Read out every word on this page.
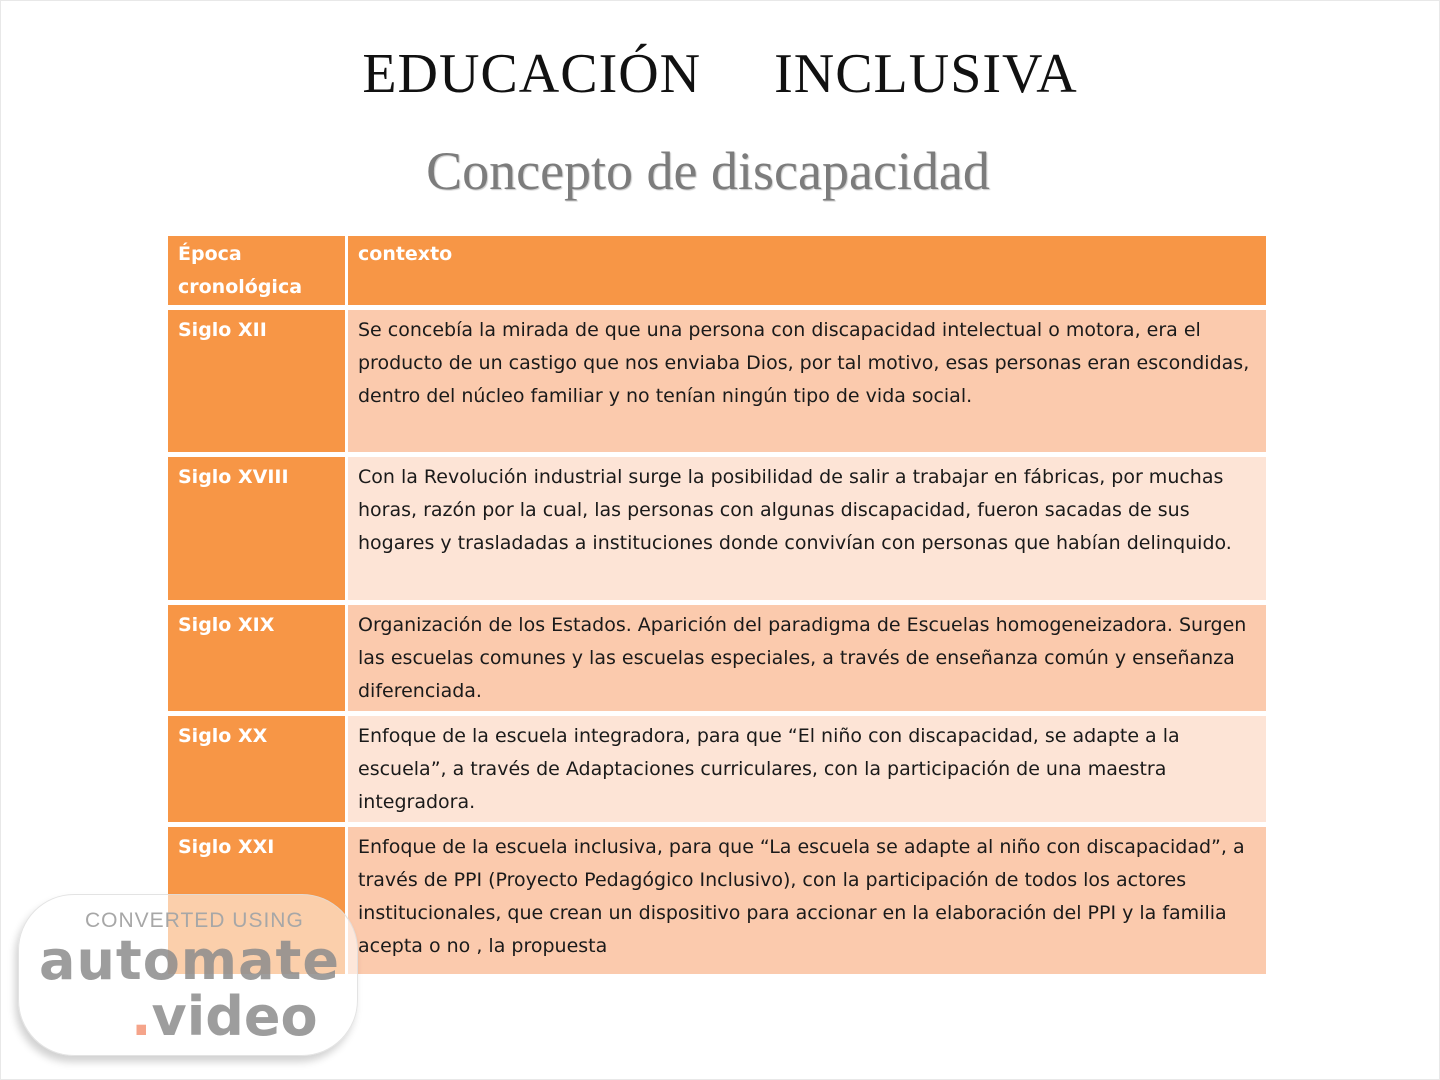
EDUCACIÓN INCLUSIVA
Concepto de discapacidad
Época cronológica	contexto
Siglo XII	Se concebía la mirada de que una persona con discapacidad intelectual o motora, era el producto de un castigo que nos enviaba Dios, por tal motivo, esas personas eran escondidas, dentro del núcleo familiar y no tenían ningún tipo de vida social.
Siglo XVIII	Con la Revolución industrial surge la posibilidad de salir a trabajar en fábricas, por muchas horas, razón por la cual, las personas con algunas discapacidad, fueron sacadas de sus hogares y trasladadas a instituciones donde convivían con personas que habían delinquido.
Siglo XIX	Organización de los Estados. Aparición del paradigma de Escuelas homogeneizadora. Surgen las escuelas comunes y las escuelas especiales, a través de enseñanza común y enseñanza diferenciada.
Siglo XX	Enfoque de la escuela integradora, para que “El niño con discapacidad, se adapte a la escuela”, a través de Adaptaciones curriculares, con la participación de una maestra integradora.
Siglo XXI	Enfoque de la escuela inclusiva, para que “La escuela se adapte al niño con discapacidad”, a través de PPI (Proyecto Pedagógico Inclusivo), con la participación de todos los actores institucionales, que crean un dispositivo para accionar en la elaboración del PPI y la familia acepta o no , la propuesta
CONVERTED USING
automate
.video
